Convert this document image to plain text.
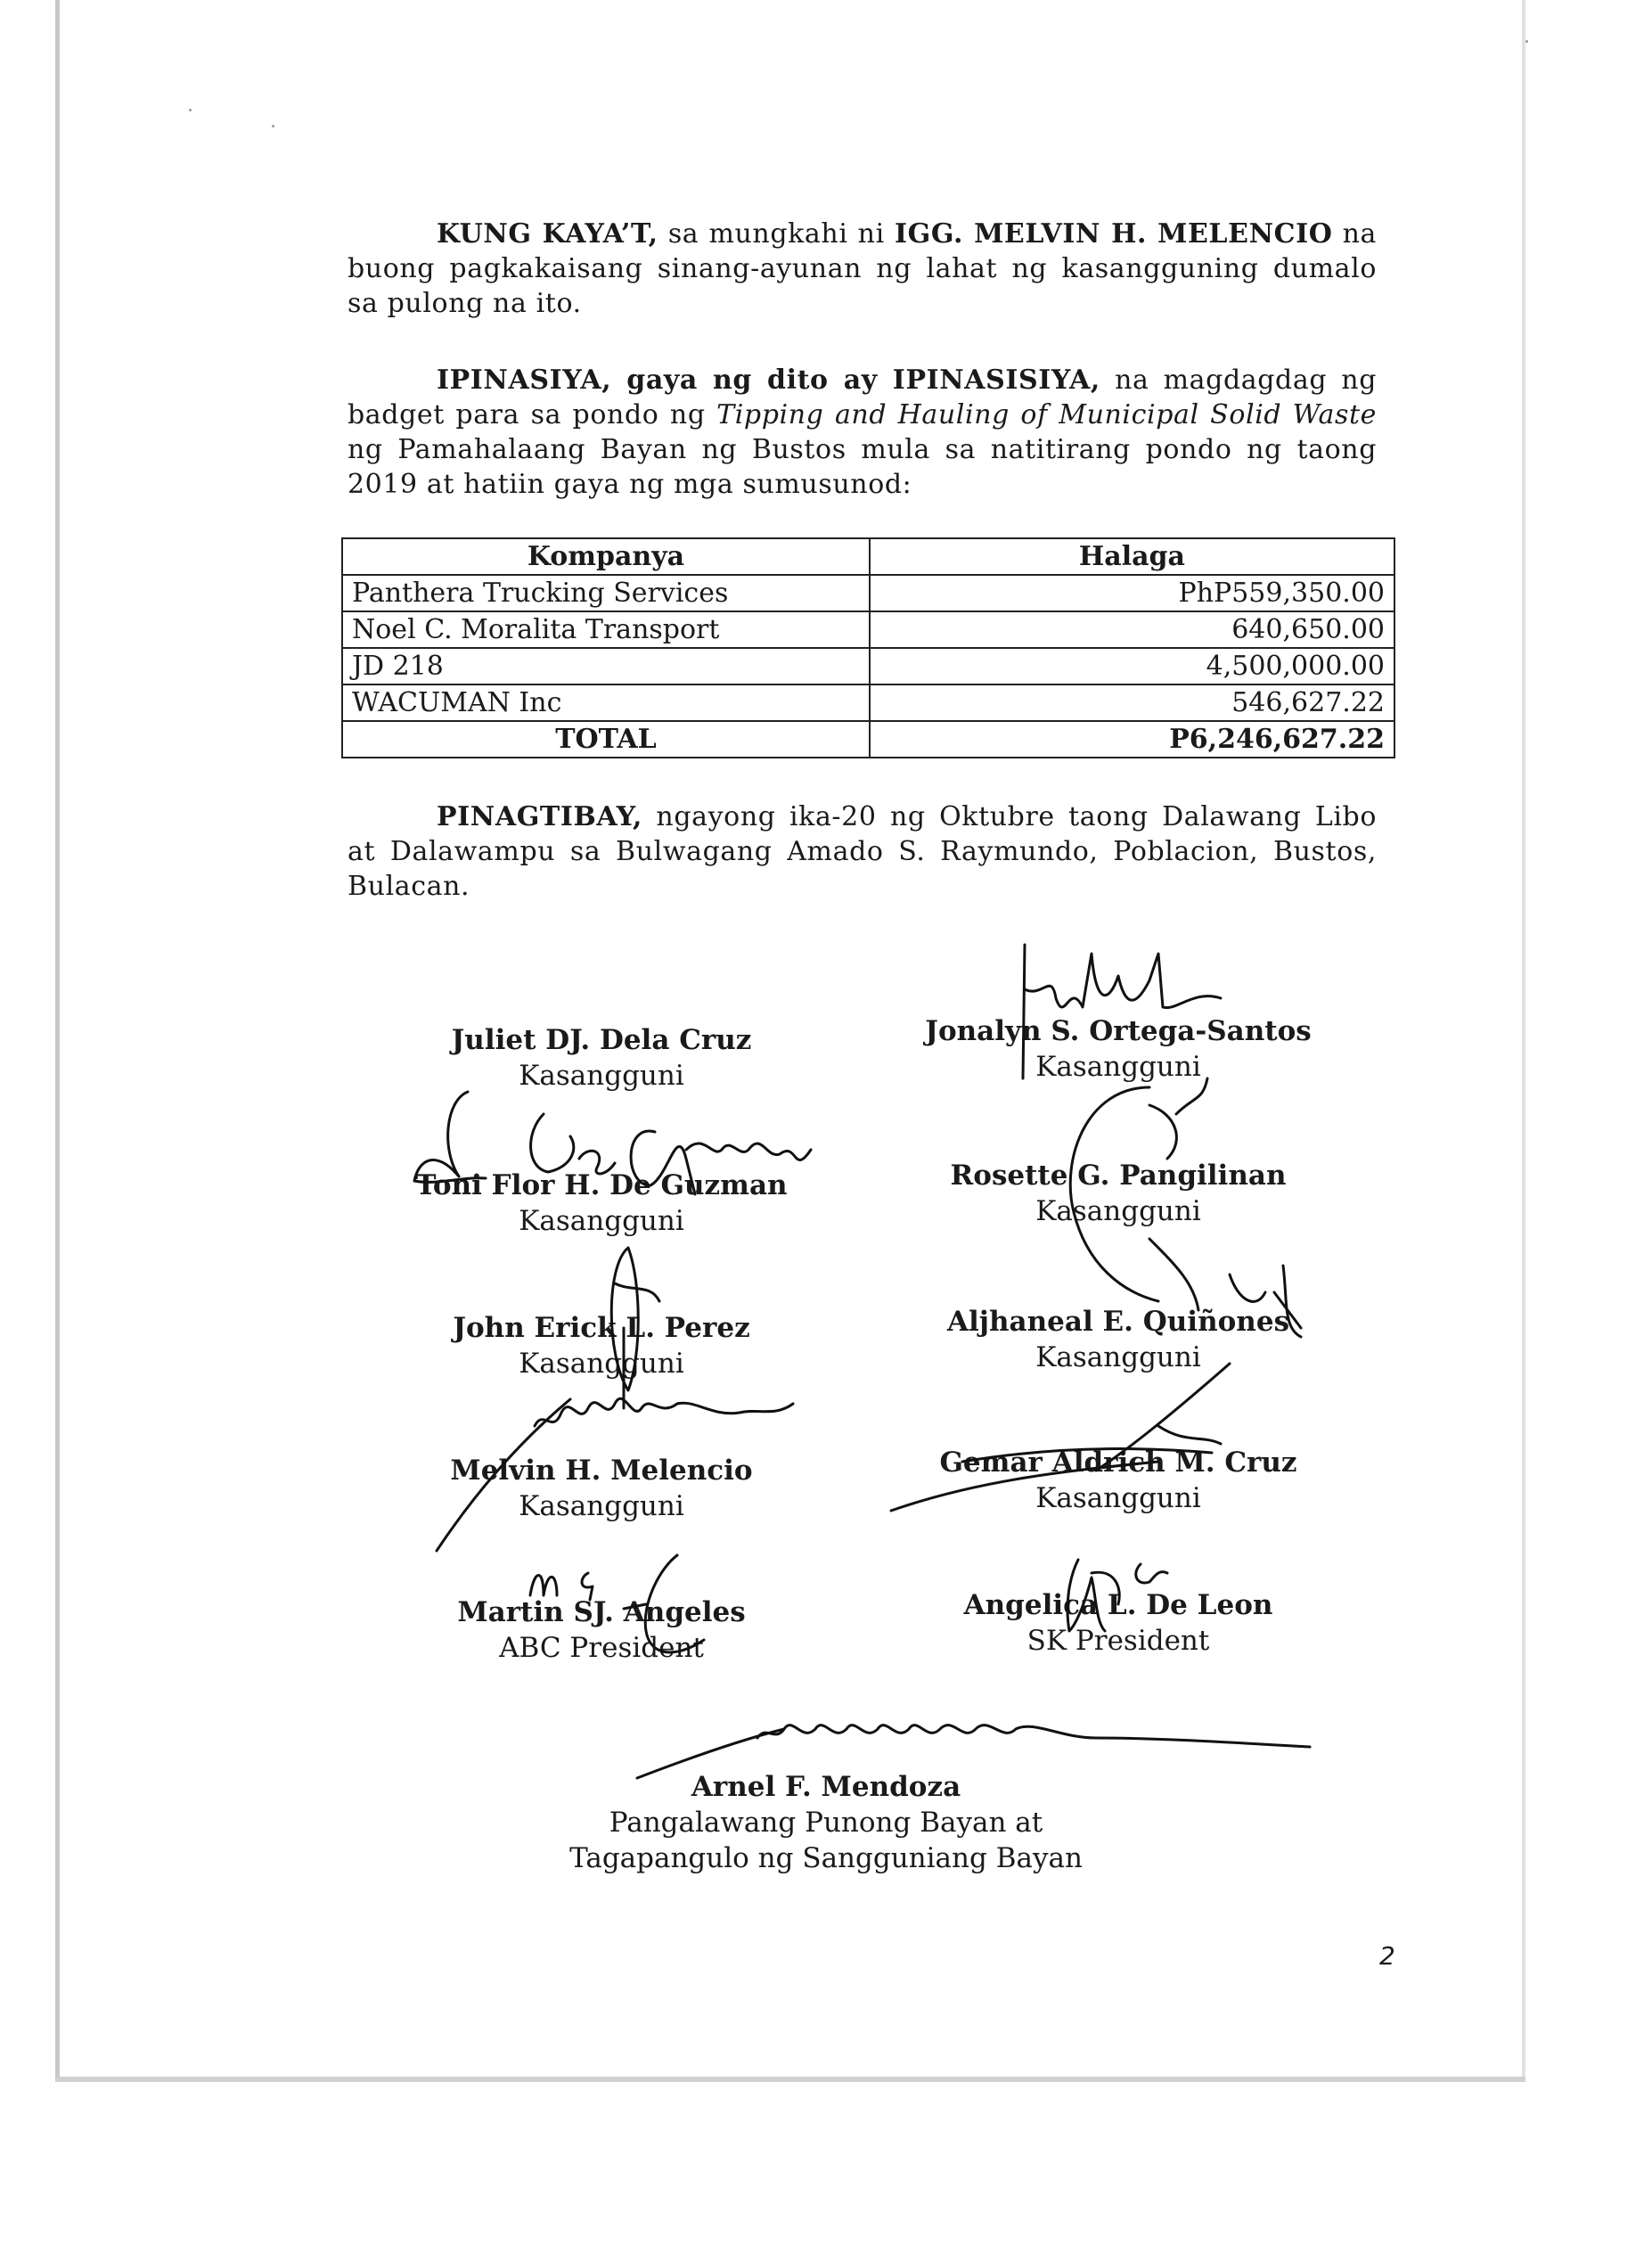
KUNG KAYA’T, sa mungkahi ni IGG. MELVIN H. MELENCIO na buong pagkakaisang sinang-ayunan ng lahat ng kasangguning dumalo sa pulong na ito.

IPINASIYA, gaya ng dito ay IPINASISIYA, na magdagdag ng badget para sa pondo ng Tipping and Hauling of Municipal Solid Waste ng Pamahalaang Bayan ng Bustos mula sa natitirang pondo ng taong 2019 at hatiin gaya ng mga sumusunod:

Kompanya	Halaga
Panthera Trucking Services	PhP559,350.00
Noel C. Moralita Transport	640,650.00
JD 218	4,500,000.00
WACUMAN Inc	546,627.22
TOTAL	P6,246,627.22

PINAGTIBAY, ngayong ika-20 ng Oktubre taong Dalawang Libo at Dalawampu sa Bulwagang Amado S. Raymundo, Poblacion, Bustos, Bulacan.

Juliet DJ. Dela Cruz
Kasangguni
Toni Flor H. De Guzman
Kasangguni
John Erick L. Perez
Kasangguni
Melvin H. Melencio
Kasangguni
Martin SJ. Angeles
ABC President
Jonalyn S. Ortega-Santos
Kasangguni
Rosette G. Pangilinan
Kasangguni
Aljhaneal E. Quiñones
Kasangguni
Gemar Aldrich M. Cruz
Kasangguni
Angelica L. De Leon
SK President
Arnel F. Mendoza
Pangalawang Punong Bayan at
Tagapangulo ng Sangguniang Bayan
2
